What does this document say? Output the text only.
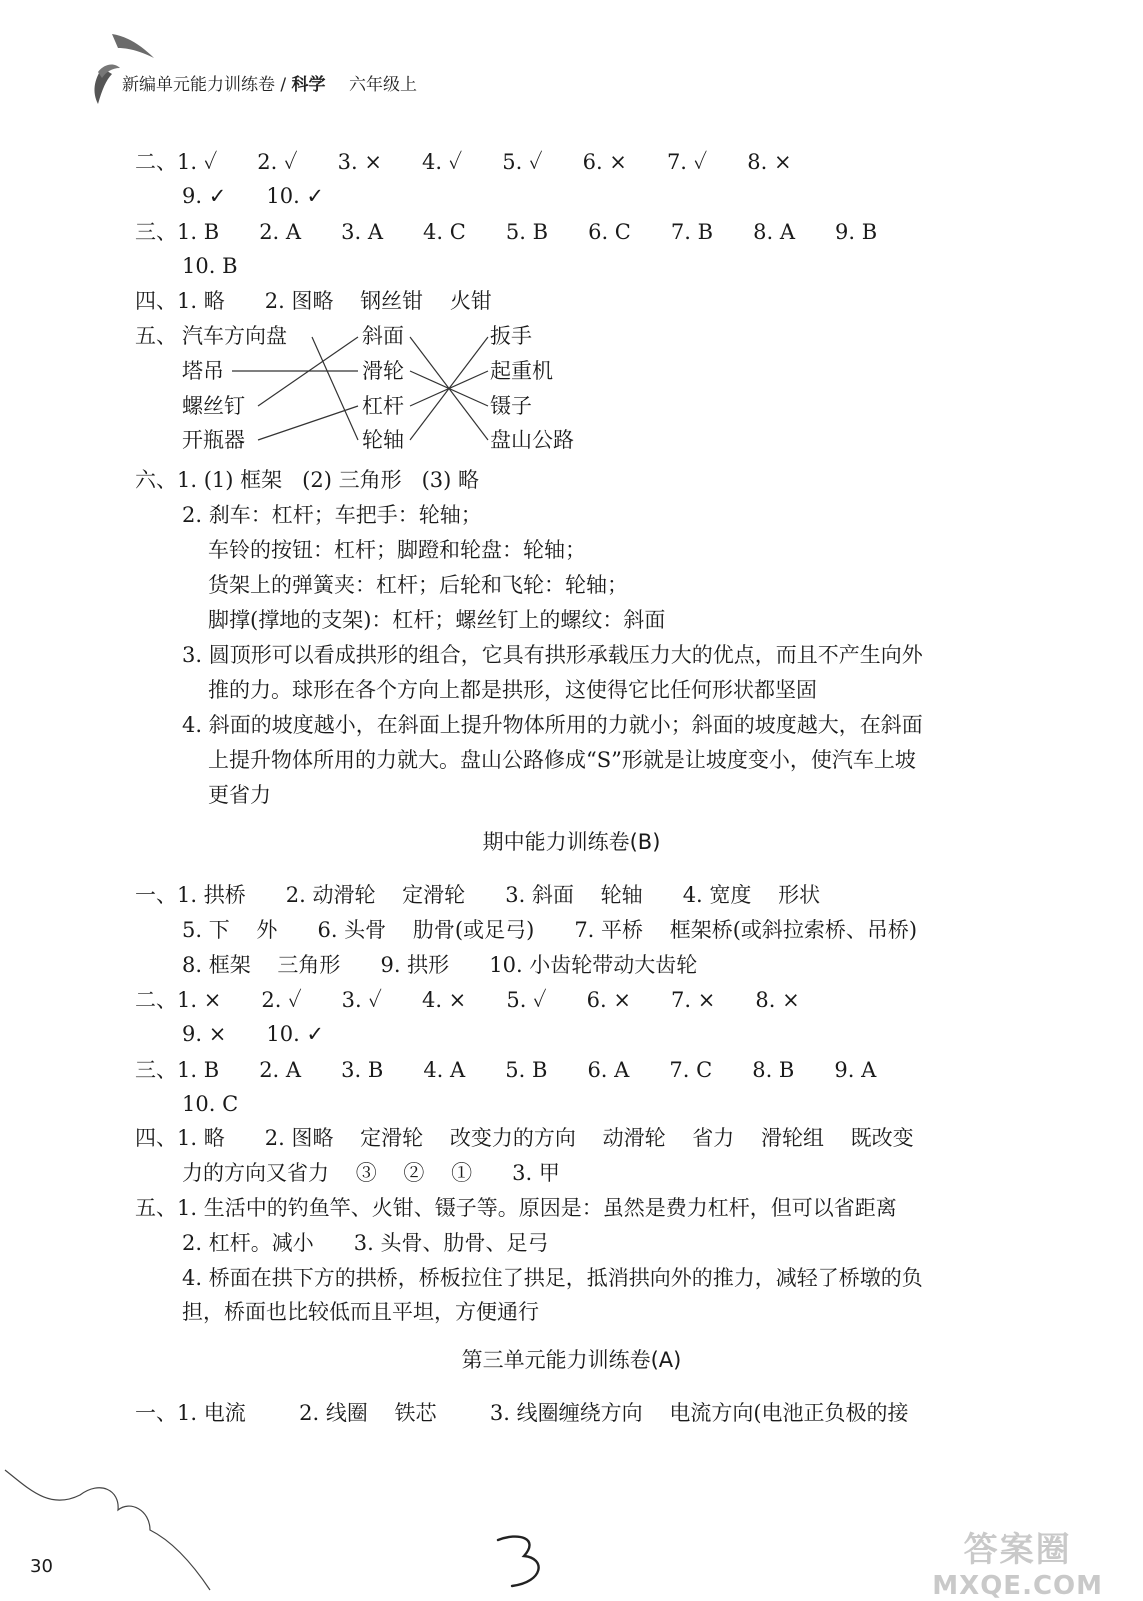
新编单元能力训练卷 / 科学 六年级上
二、1. ✓      2. ✓      3. ×      4. ✓      5. ✓      6. ×      7. ✓      8. ×
9. ✓      10. ✓
三、1. B      2. A      3. A      4. C      5. B      6. C      7. B      8. A      9. B
10. B
四、1. 略      2. 图略    钢丝钳    火钳
五、
六、1. (1) 框架   (2) 三角形   (3) 略
2. 刹车：杠杆；车把手：轮轴；
车铃的按钮：杠杆；脚蹬和轮盘：轮轴；
货架上的弹簧夹：杠杆；后轮和飞轮：轮轴；
脚撑(撑地的支架)：杠杆；螺丝钉上的螺纹：斜面
3. 圆顶形可以看成拱形的组合，它具有拱形承载压力大的优点，而且不产生向外
推的力。球形在各个方向上都是拱形，这使得它比任何形状都坚固
4. 斜面的坡度越小，在斜面上提升物体所用的力就小；斜面的坡度越大，在斜面
上提升物体所用的力就大。盘山公路修成“S”形就是让坡度变小，使汽车上坡
更省力
一、1. 拱桥      2. 动滑轮    定滑轮      3. 斜面    轮轴      4. 宽度    形状
5. 下    外      6. 头骨    肋骨(或足弓)      7. 平桥    框架桥(或斜拉索桥、吊桥)
8. 框架    三角形      9. 拱形      10. 小齿轮带动大齿轮
二、1. ×      2. ✓      3. ✓      4. ×      5. ✓      6. ×      7. ×      8. ×
9. ×      10. ✓
三、1. B      2. A      3. B      4. A      5. B      6. A      7. C      8. B      9. A
10. C
四、1. 略      2. 图略    定滑轮    改变力的方向    动滑轮    省力    滑轮组    既改变
力的方向又省力    ③    ②    ①      3. 甲
五、1. 生活中的钓鱼竿、火钳、镊子等。原因是：虽然是费力杠杆，但可以省距离
2. 杠杆。减小      3. 头骨、肋骨、足弓
4. 桥面在拱下方的拱桥，桥板拉住了拱足，抵消拱向外的推力，减轻了桥墩的负
担，桥面也比较低而且平坦，方便通行
一、1. 电流        2. 线圈    铁芯        3. 线圈缠绕方向    电流方向(电池正负极的接
汽车方向盘
塔吊
螺丝钉
开瓶器
斜面
滑轮
杠杆
轮轴
扳手
起重机
镊子
盘山公路
期中能力训练卷(B)
第三单元能力训练卷(A)
30	答案圈
MXQE.COM
